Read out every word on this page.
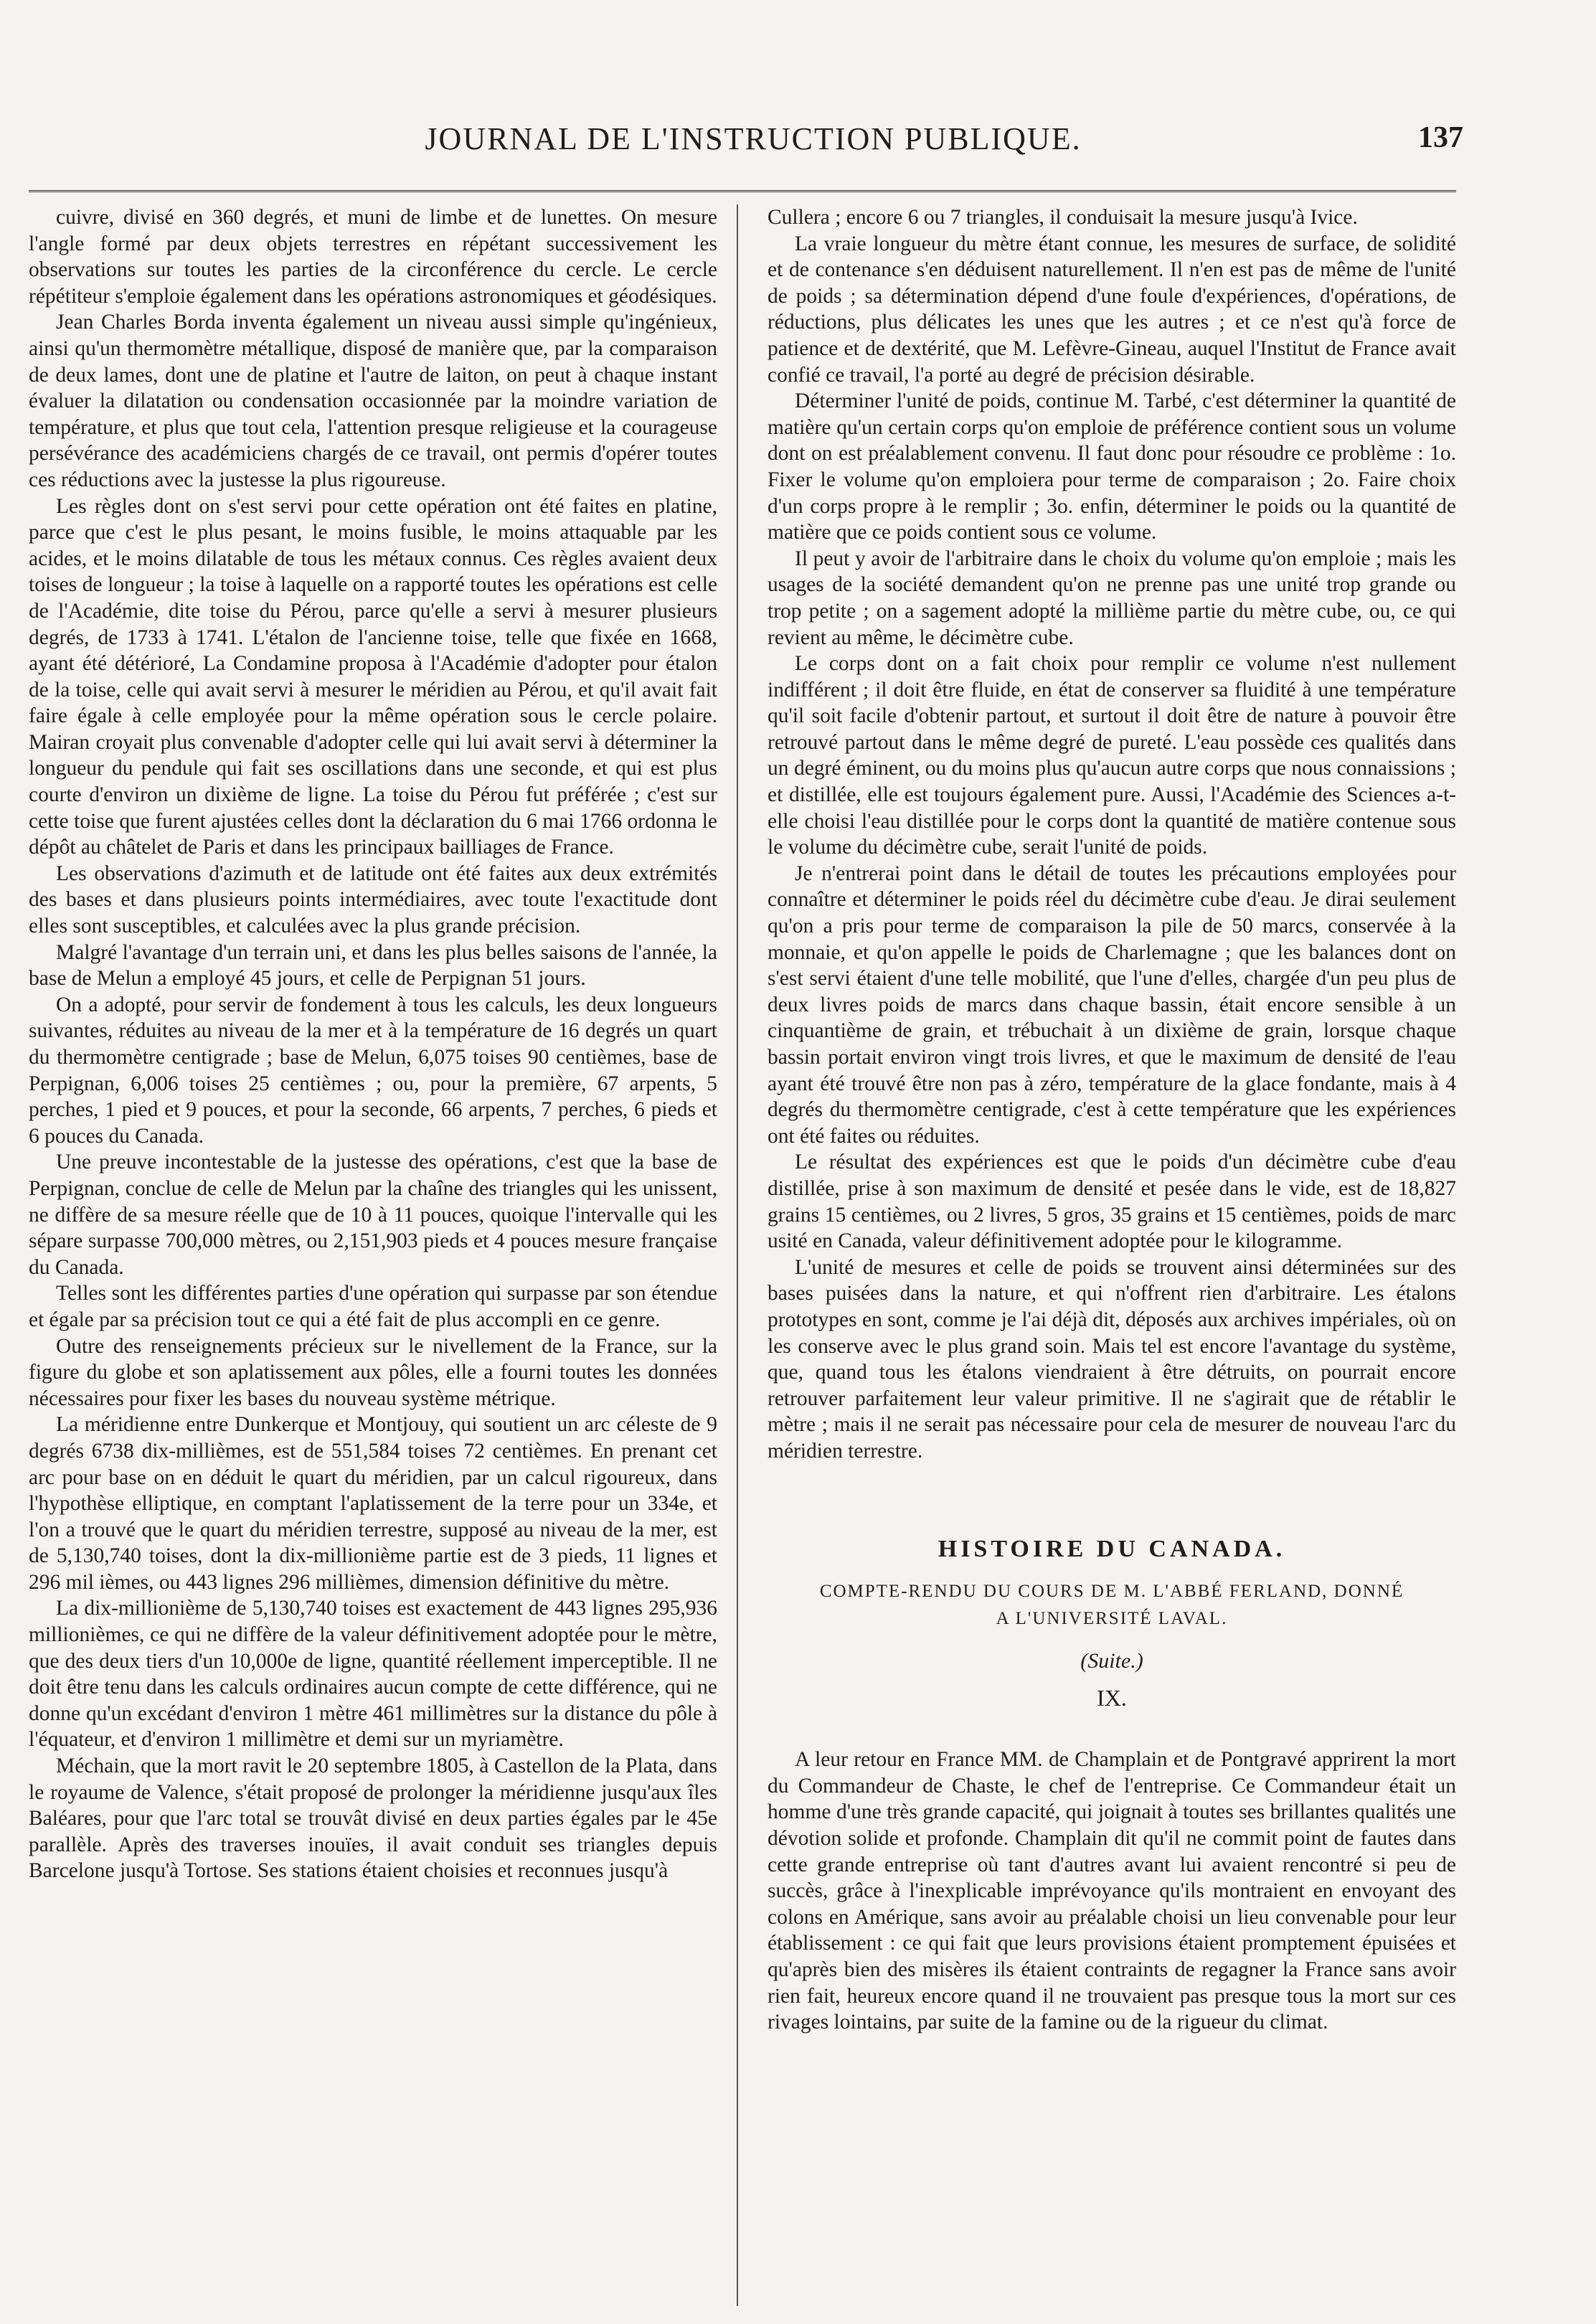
JOURNAL DE L'INSTRUCTION PUBLIQUE.	137

cuivre, divisé en 360 degrés, et muni de limbe et de lunettes. On mesure l'angle formé par deux objets terrestres en répétant successivement les observations sur toutes les parties de la circonférence du cercle. Le cercle répétiteur s'emploie également dans les opérations astronomiques et géodésiques.

Jean Charles Borda inventa également un niveau aussi simple qu'ingénieux, ainsi qu'un thermomètre métallique, disposé de manière que, par la comparaison de deux lames, dont une de platine et l'autre de laiton, on peut à chaque instant évaluer la dilatation ou condensation occasionnée par la moindre variation de température, et plus que tout cela, l'attention presque religieuse et la courageuse persévérance des académiciens chargés de ce travail, ont permis d'opérer toutes ces réductions avec la justesse la plus rigoureuse.

Les règles dont on s'est servi pour cette opération ont été faites en platine, parce que c'est le plus pesant, le moins fusible, le moins attaquable par les acides, et le moins dilatable de tous les métaux connus. Ces règles avaient deux toises de longueur ; la toise à laquelle on a rapporté toutes les opérations est celle de l'Académie, dite toise du Pérou, parce qu'elle a servi à mesurer plusieurs degrés, de 1733 à 1741. L'étalon de l'ancienne toise, telle que fixée en 1668, ayant été détérioré, La Condamine proposa à l'Académie d'adopter pour étalon de la toise, celle qui avait servi à mesurer le méridien au Pérou, et qu'il avait fait faire égale à celle employée pour la même opération sous le cercle polaire. Mairan croyait plus convenable d'adopter celle qui lui avait servi à déterminer la longueur du pendule qui fait ses oscillations dans une seconde, et qui est plus courte d'environ un dixième de ligne. La toise du Pérou fut préférée ; c'est sur cette toise que furent ajustées celles dont la déclaration du 6 mai 1766 ordonna le dépôt au châtelet de Paris et dans les principaux bailliages de France.

Les observations d'azimuth et de latitude ont été faites aux deux extrémités des bases et dans plusieurs points intermédiaires, avec toute l'exactitude dont elles sont susceptibles, et calculées avec la plus grande précision.

Malgré l'avantage d'un terrain uni, et dans les plus belles saisons de l'année, la base de Melun a employé 45 jours, et celle de Perpignan 51 jours.

On a adopté, pour servir de fondement à tous les calculs, les deux longueurs suivantes, réduites au niveau de la mer et à la température de 16 degrés un quart du thermomètre centigrade ; base de Melun, 6,075 toises 90 centièmes, base de Perpignan, 6,006 toises 25 centièmes ; ou, pour la première, 67 arpents, 5 perches, 1 pied et 9 pouces, et pour la seconde, 66 arpents, 7 perches, 6 pieds et 6 pouces du Canada.

Une preuve incontestable de la justesse des opérations, c'est que la base de Perpignan, conclue de celle de Melun par la chaîne des triangles qui les unissent, ne diffère de sa mesure réelle que de 10 à 11 pouces, quoique l'intervalle qui les sépare surpasse 700,000 mètres, ou 2,151,903 pieds et 4 pouces mesure française du Canada.

Telles sont les différentes parties d'une opération qui surpasse par son étendue et égale par sa précision tout ce qui a été fait de plus accompli en ce genre.

Outre des renseignements précieux sur le nivellement de la France, sur la figure du globe et son aplatissement aux pôles, elle a fourni toutes les données nécessaires pour fixer les bases du nouveau système métrique.

La méridienne entre Dunkerque et Montjouy, qui soutient un arc céleste de 9 degrés 6738 dix-millièmes, est de 551,584 toises 72 centièmes. En prenant cet arc pour base on en déduit le quart du méridien, par un calcul rigoureux, dans l'hypothèse elliptique, en comptant l'aplatissement de la terre pour un 334e, et l'on a trouvé que le quart du méridien terrestre, supposé au niveau de la mer, est de 5,130,740 toises, dont la dix-millionième partie est de 3 pieds, 11 lignes et 296 mil ièmes, ou 443 lignes 296 millièmes, dimension définitive du mètre.

La dix-millionième de 5,130,740 toises est exactement de 443 lignes 295,936 millionièmes, ce qui ne diffère de la valeur définitivement adoptée pour le mètre, que des deux tiers d'un 10,000e de ligne, quantité réellement imperceptible. Il ne doit être tenu dans les calculs ordinaires aucun compte de cette différence, qui ne donne qu'un excédant d'environ 1 mètre 461 millimètres sur la distance du pôle à l'équateur, et d'environ 1 millimètre et demi sur un myriamètre.

Méchain, que la mort ravit le 20 septembre 1805, à Castellon de la Plata, dans le royaume de Valence, s'était proposé de prolonger la méridienne jusqu'aux îles Baléares, pour que l'arc total se trouvât divisé en deux parties égales par le 45e parallèle. Après des traverses inouïes, il avait conduit ses triangles depuis Barcelone jusqu'à Tortose. Ses stations étaient choisies et reconnues jusqu'à

Cullera ; encore 6 ou 7 triangles, il conduisait la mesure jusqu'à Ivice.

La vraie longueur du mètre étant connue, les mesures de surface, de solidité et de contenance s'en déduisent naturellement. Il n'en est pas de même de l'unité de poids ; sa détermination dépend d'une foule d'expériences, d'opérations, de réductions, plus délicates les unes que les autres ; et ce n'est qu'à force de patience et de dextérité, que M. Lefèvre-Gineau, auquel l'Institut de France avait confié ce travail, l'a porté au degré de précision désirable.

Déterminer l'unité de poids, continue M. Tarbé, c'est déterminer la quantité de matière qu'un certain corps qu'on emploie de préférence contient sous un volume dont on est préalablement convenu. Il faut donc pour résoudre ce problème : 1o. Fixer le volume qu'on emploiera pour terme de comparaison ; 2o. Faire choix d'un corps propre à le remplir ; 3o. enfin, déterminer le poids ou la quantité de matière que ce poids contient sous ce volume.

Il peut y avoir de l'arbitraire dans le choix du volume qu'on emploie ; mais les usages de la société demandent qu'on ne prenne pas une unité trop grande ou trop petite ; on a sagement adopté la millième partie du mètre cube, ou, ce qui revient au même, le décimètre cube.

Le corps dont on a fait choix pour remplir ce volume n'est nullement indifférent ; il doit être fluide, en état de conserver sa fluidité à une température qu'il soit facile d'obtenir partout, et surtout il doit être de nature à pouvoir être retrouvé partout dans le même degré de pureté. L'eau possède ces qualités dans un degré éminent, ou du moins plus qu'aucun autre corps que nous connaissions ; et distillée, elle est toujours également pure. Aussi, l'Académie des Sciences a-t-elle choisi l'eau distillée pour le corps dont la quantité de matière contenue sous le volume du décimètre cube, serait l'unité de poids.

Je n'entrerai point dans le détail de toutes les précautions employées pour connaître et déterminer le poids réel du décimètre cube d'eau. Je dirai seulement qu'on a pris pour terme de comparaison la pile de 50 marcs, conservée à la monnaie, et qu'on appelle le poids de Charlemagne ; que les balances dont on s'est servi étaient d'une telle mobilité, que l'une d'elles, chargée d'un peu plus de deux livres poids de marcs dans chaque bassin, était encore sensible à un cinquantième de grain, et trébuchait à un dixième de grain, lorsque chaque bassin portait environ vingt trois livres, et que le maximum de densité de l'eau ayant été trouvé être non pas à zéro, température de la glace fondante, mais à 4 degrés du thermomètre centigrade, c'est à cette température que les expériences ont été faites ou réduites.

Le résultat des expériences est que le poids d'un décimètre cube d'eau distillée, prise à son maximum de densité et pesée dans le vide, est de 18,827 grains 15 centièmes, ou 2 livres, 5 gros, 35 grains et 15 centièmes, poids de marc usité en Canada, valeur définitivement adoptée pour le kilogramme.

L'unité de mesures et celle de poids se trouvent ainsi déterminées sur des bases puisées dans la nature, et qui n'offrent rien d'arbitraire. Les étalons prototypes en sont, comme je l'ai déjà dit, déposés aux archives impériales, où on les conserve avec le plus grand soin. Mais tel est encore l'avantage du système, que, quand tous les étalons viendraient à être détruits, on pourrait encore retrouver parfaitement leur valeur primitive. Il ne s'agirait que de rétablir le mètre ; mais il ne serait pas nécessaire pour cela de mesurer de nouveau l'arc du méridien terrestre.

HISTOIRE DU CANADA.
COMPTE-RENDU DU COURS DE M. L'ABBÉ FERLAND, DONNÉ
A L'UNIVERSITÉ LAVAL.
(Suite.)
IX.

A leur retour en France MM. de Champlain et de Pontgravé apprirent la mort du Commandeur de Chaste, le chef de l'entreprise. Ce Commandeur était un homme d'une très grande capacité, qui joignait à toutes ses brillantes qualités une dévotion solide et profonde. Champlain dit qu'il ne commit point de fautes dans cette grande entreprise où tant d'autres avant lui avaient rencontré si peu de succès, grâce à l'inexplicable imprévoyance qu'ils montraient en envoyant des colons en Amérique, sans avoir au préalable choisi un lieu convenable pour leur établissement : ce qui fait que leurs provisions étaient promptement épuisées et qu'après bien des misères ils étaient contraints de regagner la France sans avoir rien fait, heureux encore quand il ne trouvaient pas presque tous la mort sur ces rivages lointains, par suite de la famine ou de la rigueur du climat.
